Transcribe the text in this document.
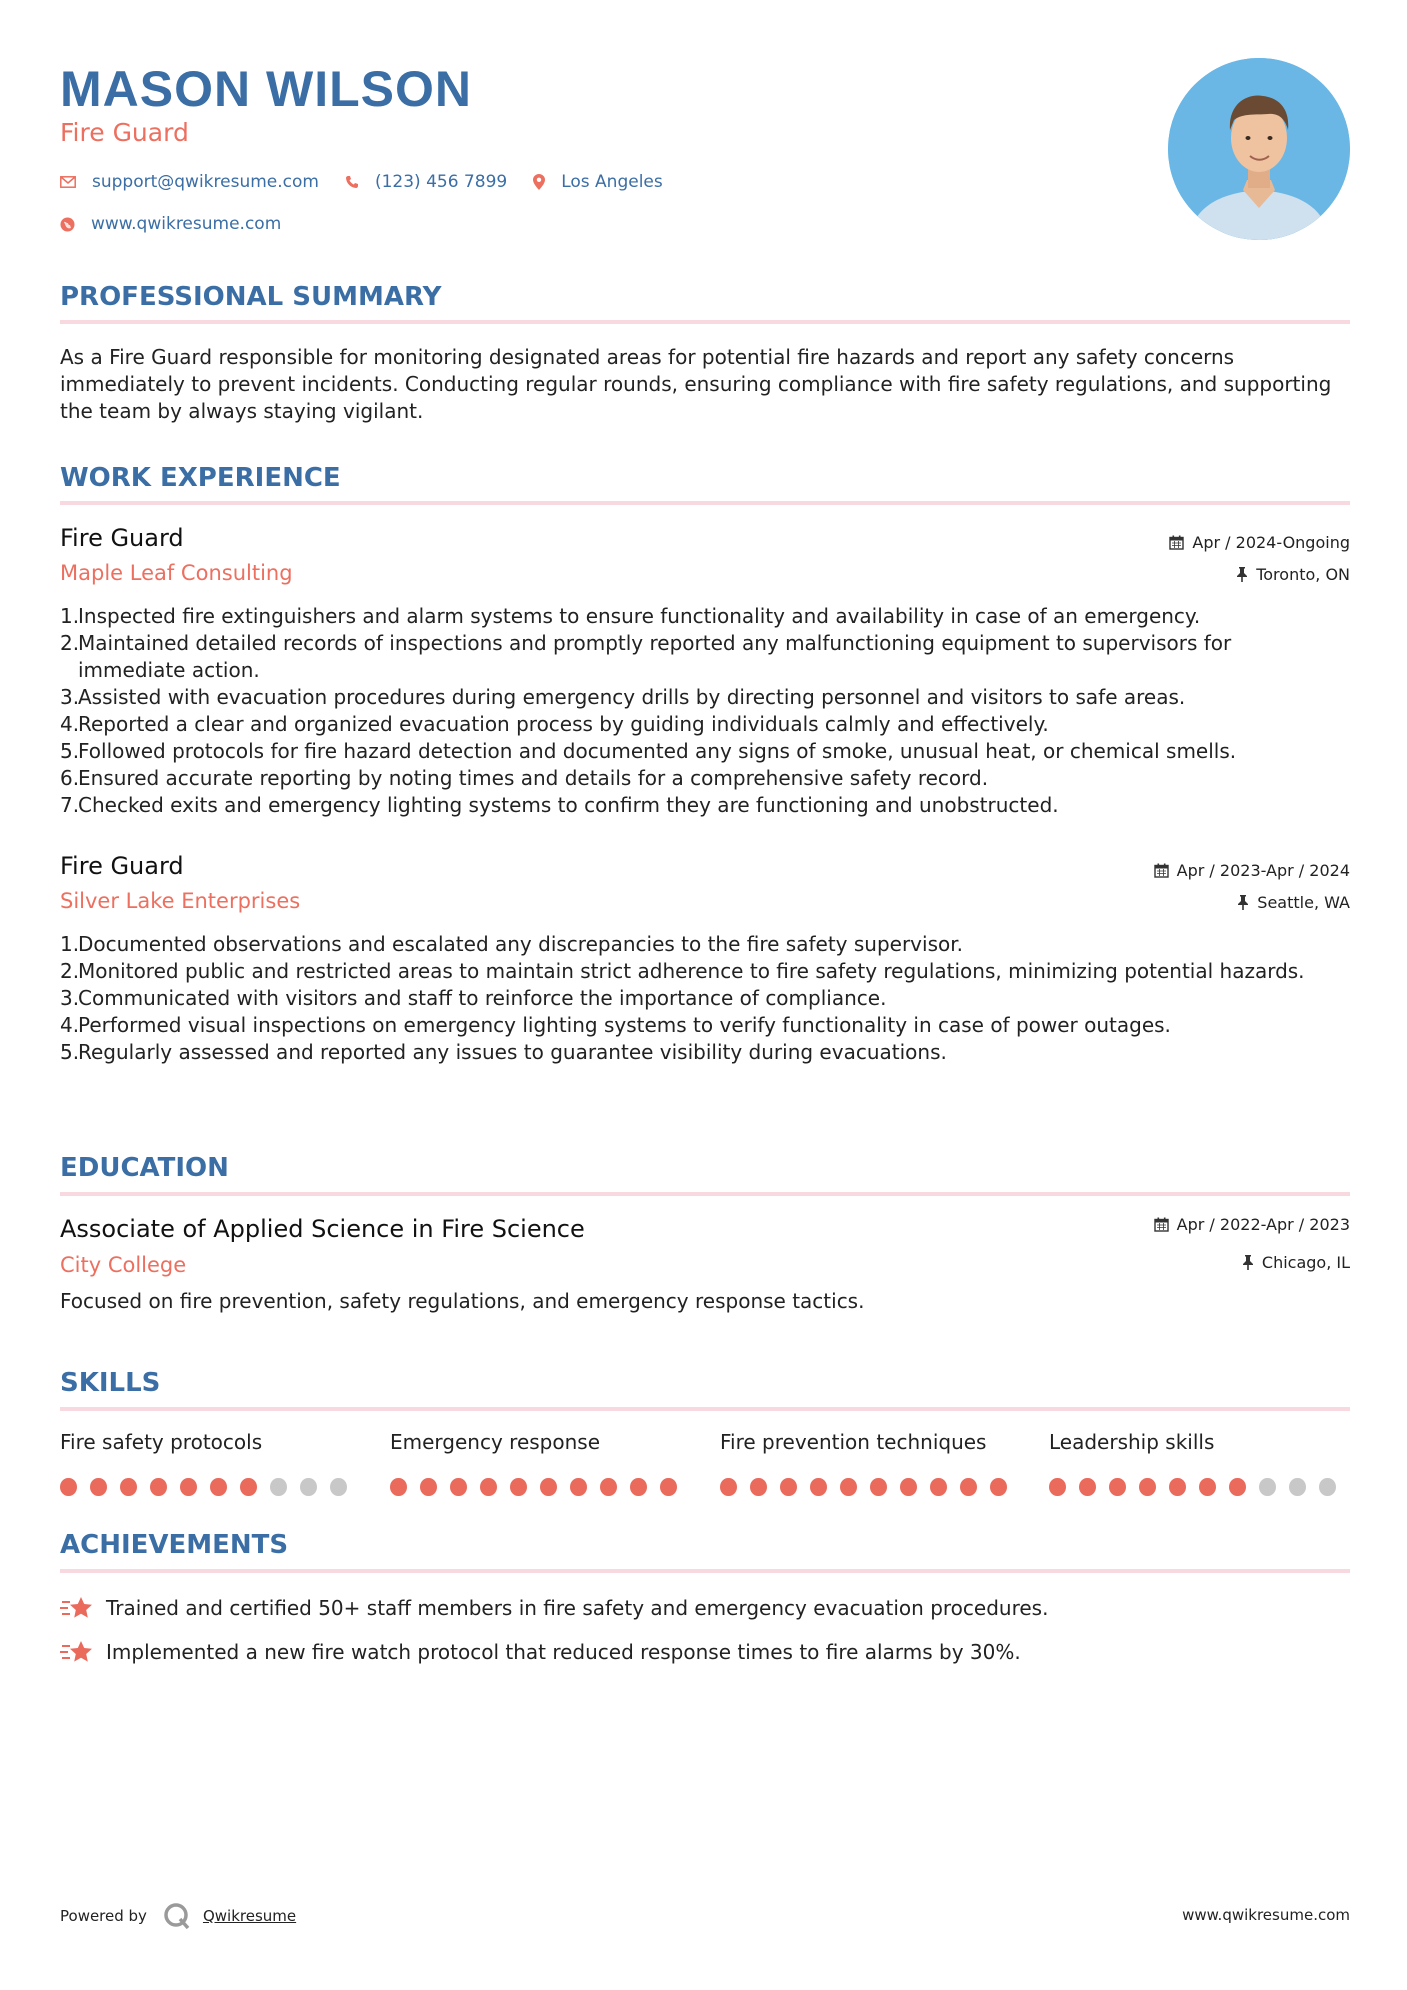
MASON WILSON
Fire Guard
support@qwikresume.com	(123) 456 7899	Los Angeles
www.qwikresume.com
PROFESSIONAL SUMMARY
As a Fire Guard responsible for monitoring designated areas for potential fire hazards and report any safety concerns immediately to prevent incidents. Conducting regular rounds, ensuring compliance with fire safety regulations, and supporting the team by always staying vigilant.
WORK EXPERIENCE
Fire Guard	Apr / 2024-Ongoing
Maple Leaf Consulting	Toronto, ON
Inspected fire extinguishers and alarm systems to ensure functionality and availability in case of an emergency.
Maintained detailed records of inspections and promptly reported any malfunctioning equipment to supervisors for immediate action.
Assisted with evacuation procedures during emergency drills by directing personnel and visitors to safe areas.
Reported a clear and organized evacuation process by guiding individuals calmly and effectively.
Followed protocols for fire hazard detection and documented any signs of smoke, unusual heat, or chemical smells.
Ensured accurate reporting by noting times and details for a comprehensive safety record.
Checked exits and emergency lighting systems to confirm they are functioning and unobstructed.
Fire Guard	Apr / 2023-Apr / 2024
Silver Lake Enterprises	Seattle, WA
Documented observations and escalated any discrepancies to the fire safety supervisor.
Monitored public and restricted areas to maintain strict adherence to fire safety regulations, minimizing potential hazards.
Communicated with visitors and staff to reinforce the importance of compliance.
Performed visual inspections on emergency lighting systems to verify functionality in case of power outages.
Regularly assessed and reported any issues to guarantee visibility during evacuations.
EDUCATION
Associate of Applied Science in Fire Science	Apr / 2022-Apr / 2023
City College	Chicago, IL
Focused on fire prevention, safety regulations, and emergency response tactics.
SKILLS
Fire safety protocols	Emergency response	Fire prevention techniques	Leadership skills
ACHIEVEMENTS
Trained and certified 50+ staff members in fire safety and emergency evacuation procedures.
Implemented a new fire watch protocol that reduced response times to fire alarms by 30%.
Powered by	Qwikresume	www.qwikresume.com
